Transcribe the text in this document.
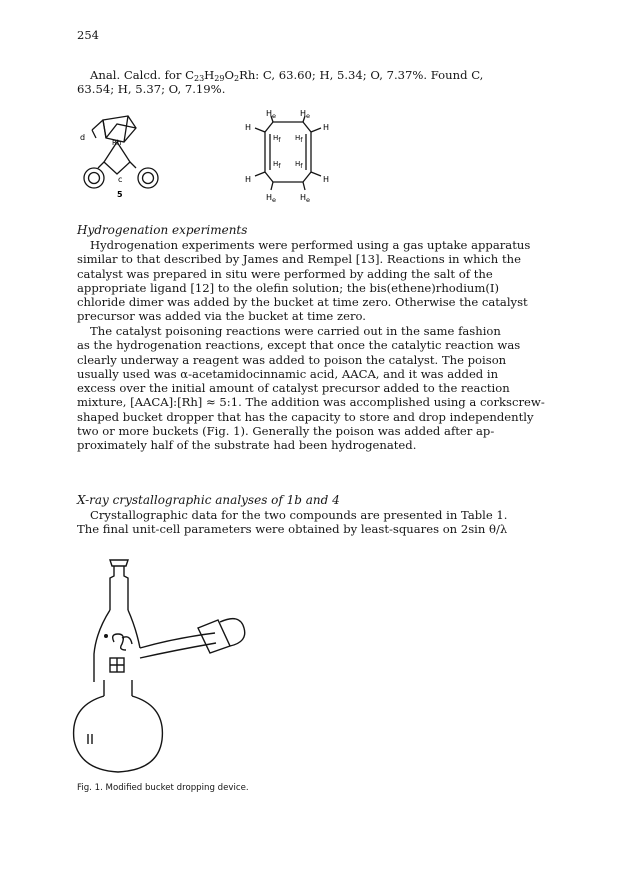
254
Anal. Calcd. for $C_{23}H_{29}O_2Rh$: C, 63.60; H, 5.34; O, 7.37%. Found C,
63.54; H, 5.37; O, 7.19%.
Rh
c
d
5
$H_e$	$H_e$
Hf Hf
Hf Hf
H	H
H	H
$H_e$	$H_e$
Hydrogenation experiments
Hydrogenation experiments were performed using a gas uptake apparatus
similar to that described by James and Rempel [13]. Reactions in which the
catalyst was prepared in situ were performed by adding the salt of the
appropriate ligand [12] to the olefin solution; the bis(ethene)rhodium(I)
chloride dimer was added by the bucket at time zero. Otherwise the catalyst
precursor was added via the bucket at time zero.
The catalyst poisoning reactions were carried out in the same fashion
as the hydrogenation reactions, except that once the catalytic reaction was
clearly underway a reagent was added to poison the catalyst. The poison
usually used was α-acetamidocinnamic acid, AACA, and it was added in
excess over the initial amount of catalyst precursor added to the reaction
mixture, [AACA]:[Rh] ≈ 5:1. The addition was accomplished using a corkscrew-
shaped bucket dropper that has the capacity to store and drop independently
two or more buckets (Fig. 1). Generally the poison was added after ap-
proximately half of the substrate had been hydrogenated.
X-ray crystallographic analyses of 1b and 4
Crystallographic data for the two compounds are presented in Table 1.
The final unit-cell parameters were obtained by least-squares on 2sin θ/λ
Fig. 1. Modified bucket dropping device.
